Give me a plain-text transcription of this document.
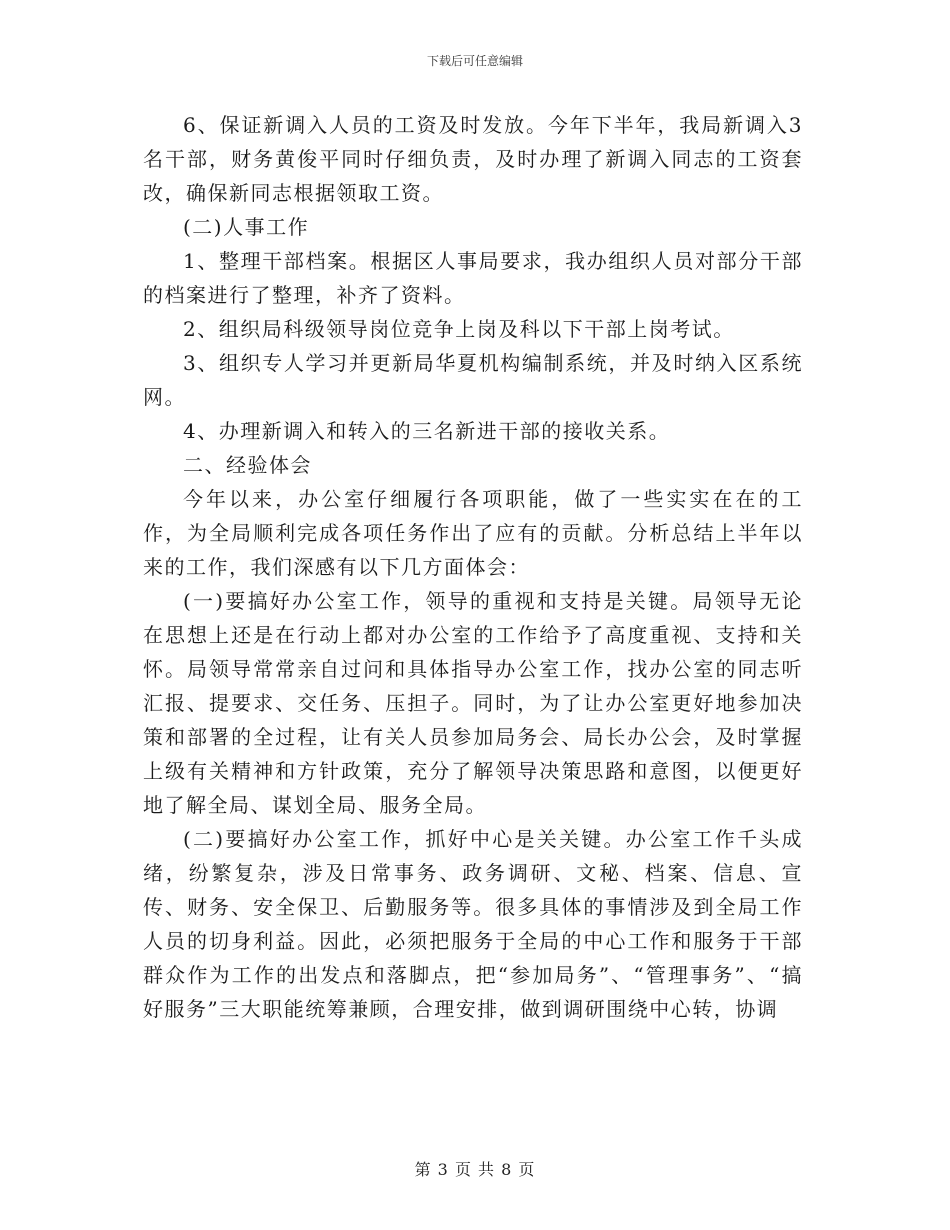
下载后可任意编辑

6、保证新调入人员的工资及时发放。今年下半年，我局新调入3名干部，财务黄俊平同时仔细负责，及时办理了新调入同志的工资套改，确保新同志根据领取工资。

(二)人事工作

1、整理干部档案。根据区人事局要求，我办组织人员对部分干部的档案进行了整理，补齐了资料。

2、组织局科级领导岗位竞争上岗及科以下干部上岗考试。

3、组织专人学习并更新局华夏机构编制系统，并及时纳入区系统网。

4、办理新调入和转入的三名新进干部的接收关系。

二、经验体会

今年以来，办公室仔细履行各项职能，做了一些实实在在的工作，为全局顺利完成各项任务作出了应有的贡献。分析总结上半年以来的工作，我们深感有以下几方面体会：

(一)要搞好办公室工作，领导的重视和支持是关键。局领导无论在思想上还是在行动上都对办公室的工作给予了高度重视、支持和关怀。局领导常常亲自过问和具体指导办公室工作，找办公室的同志听汇报、提要求、交任务、压担子。同时，为了让办公室更好地参加决策和部署的全过程，让有关人员参加局务会、局长办公会，及时掌握上级有关精神和方针政策，充分了解领导决策思路和意图，以便更好地了解全局、谋划全局、服务全局。

(二)要搞好办公室工作，抓好中心是关关键。办公室工作千头成绪，纷繁复杂，涉及日常事务、政务调研、文秘、档案、信息、宣传、财务、安全保卫、后勤服务等。很多具体的事情涉及到全局工作人员的切身利益。因此，必须把服务于全局的中心工作和服务于干部群众作为工作的出发点和落脚点，把“参加局务”、“管理事务”、“搞好服务”三大职能统筹兼顾，合理安排，做到调研围绕中心转，协调

第 3 页 共 8 页
